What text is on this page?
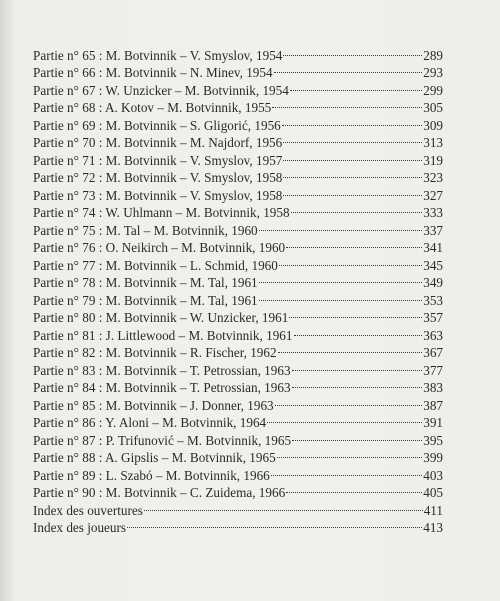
Partie n° 65 : M. Botvinnik – V. Smyslov, 1954	289
Partie n° 66 : M. Botvinnik – N. Minev, 1954	293
Partie n° 67 : W. Unzicker – M. Botvinnik, 1954	299
Partie n° 68 : A. Kotov – M. Botvinnik, 1955	305
Partie n° 69 : M. Botvinnik – S. Gligorić, 1956	309
Partie n° 70 : M. Botvinnik – M. Najdorf, 1956	313
Partie n° 71 : M. Botvinnik – V. Smyslov, 1957	319
Partie n° 72 : M. Botvinnik – V. Smyslov, 1958	323
Partie n° 73 : M. Botvinnik – V. Smyslov, 1958	327
Partie n° 74 : W. Uhlmann – M. Botvinnik, 1958	333
Partie n° 75 : M. Tal – M. Botvinnik, 1960	337
Partie n° 76 : O. Neikirch – M. Botvinnik, 1960	341
Partie n° 77 : M. Botvinnik – L. Schmid, 1960	345
Partie n° 78 : M. Botvinnik – M. Tal, 1961	349
Partie n° 79 : M. Botvinnik – M. Tal, 1961	353
Partie n° 80 : M. Botvinnik – W. Unzicker, 1961	357
Partie n° 81 : J. Littlewood – M. Botvinnik, 1961	363
Partie n° 82 : M. Botvinnik – R. Fischer, 1962	367
Partie n° 83 : M. Botvinnik – T. Petrossian, 1963	377
Partie n° 84 : M. Botvinnik – T. Petrossian, 1963	383
Partie n° 85 : M. Botvinnik – J. Donner, 1963	387
Partie n° 86 : Y. Aloni – M. Botvinnik, 1964	391
Partie n° 87 : P. Trifunović – M. Botvinnik, 1965	395
Partie n° 88 : A. Gipslis – M. Botvinnik, 1965	399
Partie n° 89 : L. Szabó – M. Botvinnik, 1966	403
Partie n° 90 : M. Botvinnik – C. Zuidema, 1966	405
Index des ouvertures	411
Index des joueurs	413
